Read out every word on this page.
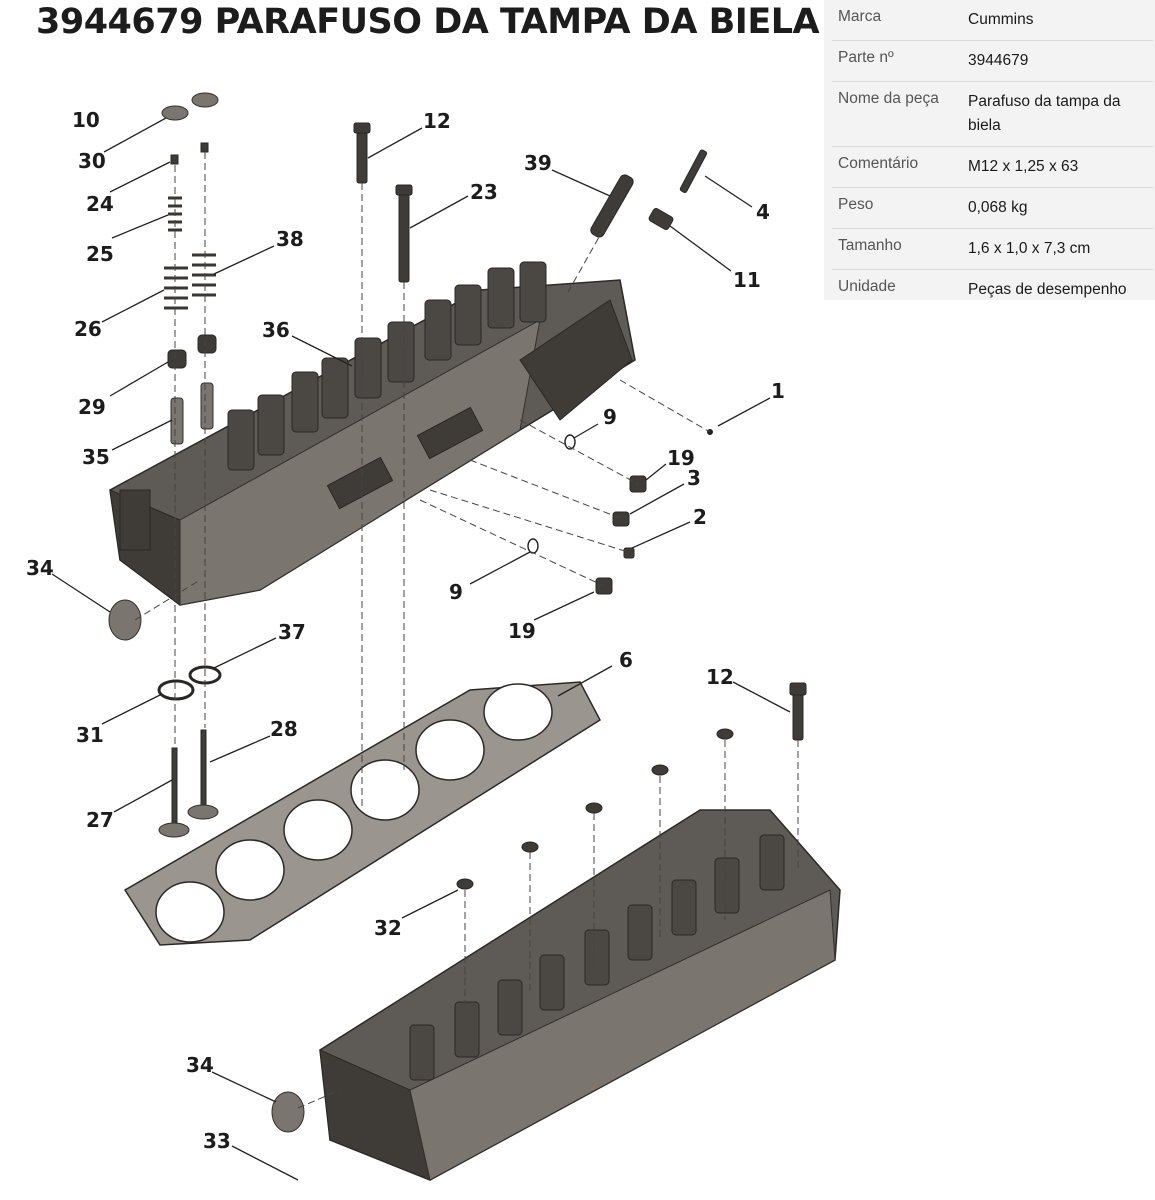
3944679 PARAFUSO DA TAMPA DA BIELA Marca	Cummins
Parte nº	3944679
Nome da peça	Parafuso da tampa da biela
Comentário	M12 x 1,25 x 63
Peso	0,068 kg
Tamanho	1,6 x 1,0 x 7,3 cm
Unidade	Peças de desempenho
10
30
24
25
26
29
35
34
12
23
38
36
39
4
11
1
9
19
3
2
9
19
37
31	28
27
6
12
32
34
33
